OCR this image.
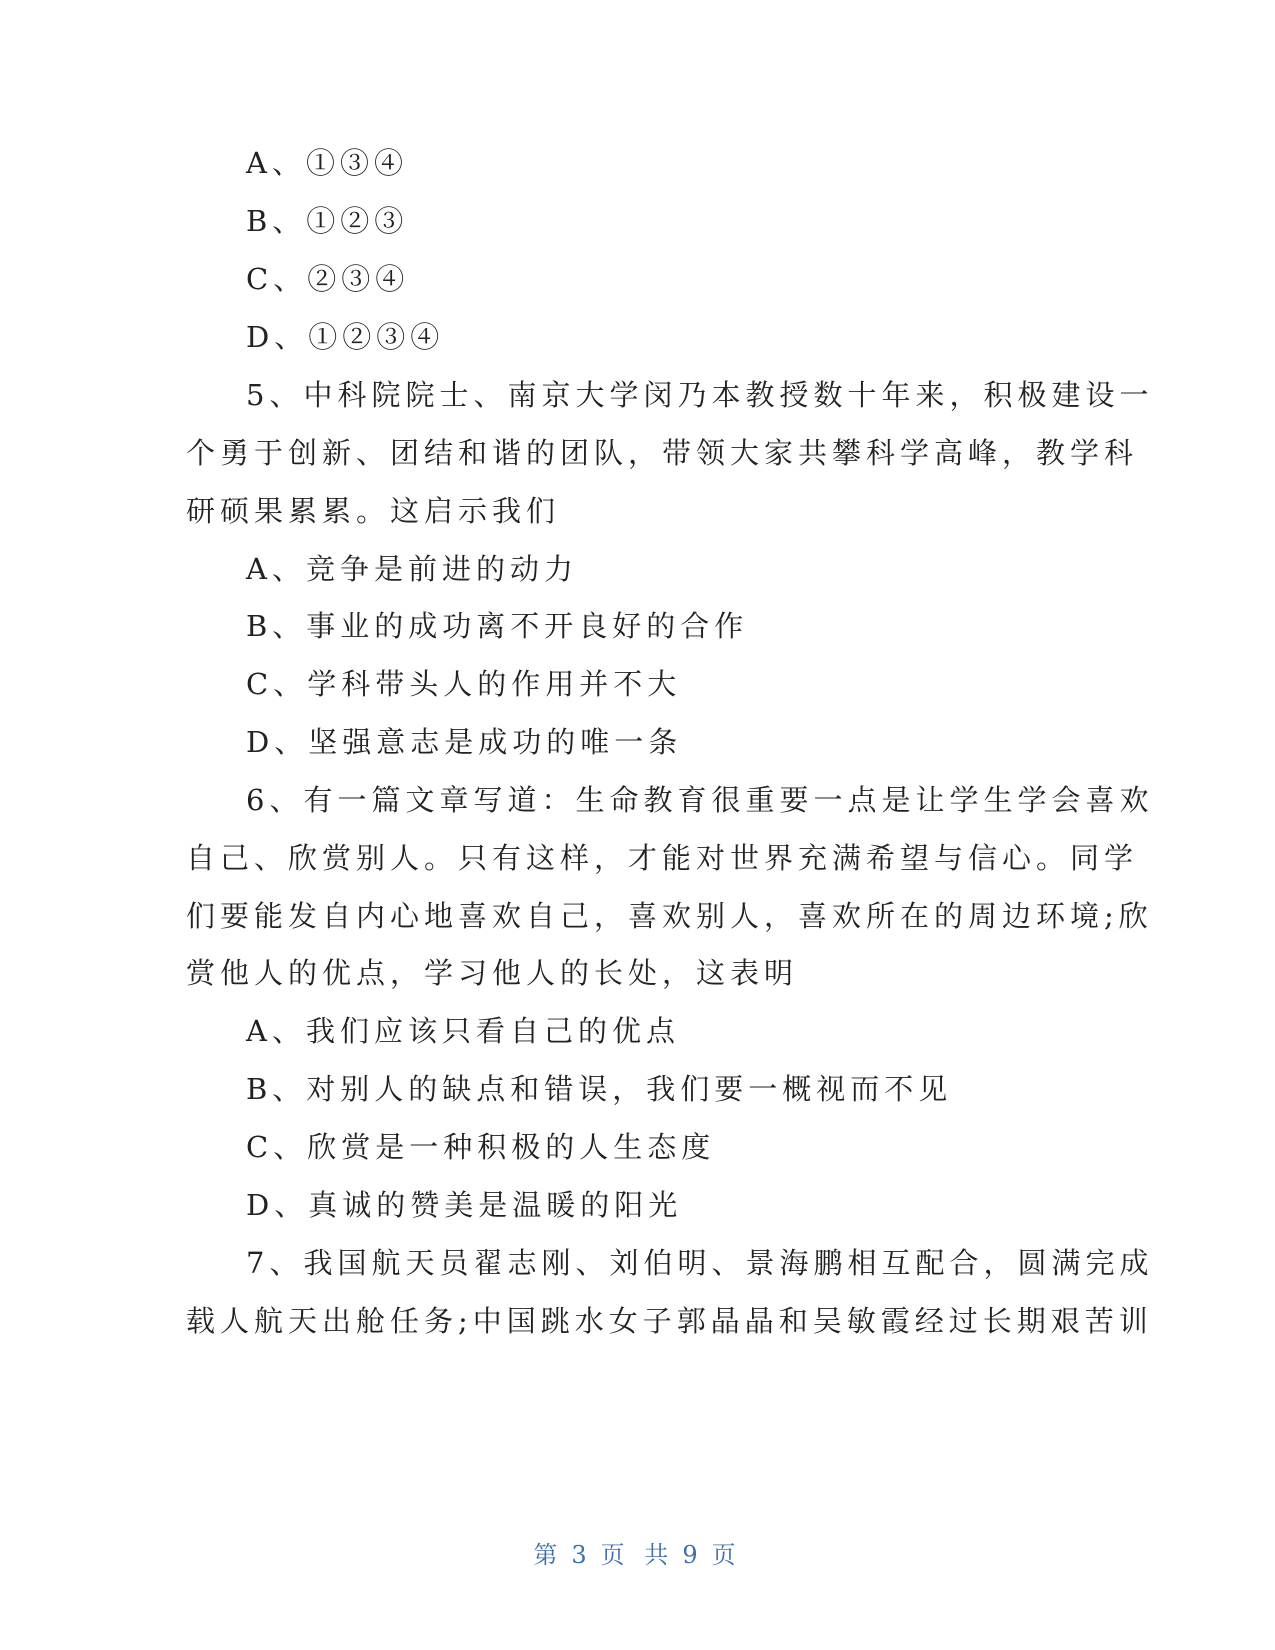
A、①③④
B、①②③
C、②③④
D、①②③④
5、中科院院士、南京大学闵乃本教授数十年来，积极建设一
个勇于创新、团结和谐的团队，带领大家共攀科学高峰，教学科
研硕果累累。这启示我们
A、竞争是前进的动力
B、事业的成功离不开良好的合作
C、学科带头人的作用并不大
D、坚强意志是成功的唯一条
6、有一篇文章写道：生命教育很重要一点是让学生学会喜欢
自己、欣赏别人。只有这样，才能对世界充满希望与信心。同学
们要能发自内心地喜欢自己，喜欢别人，喜欢所在的周边环境;欣
赏他人的优点，学习他人的长处，这表明
A、我们应该只看自己的优点
B、对别人的缺点和错误，我们要一概视而不见
C、欣赏是一种积极的人生态度
D、真诚的赞美是温暖的阳光
7、我国航天员翟志刚、刘伯明、景海鹏相互配合，圆满完成
载人航天出舱任务;中国跳水女子郭晶晶和吴敏霞经过长期艰苦训
第 3 页 共 9 页
